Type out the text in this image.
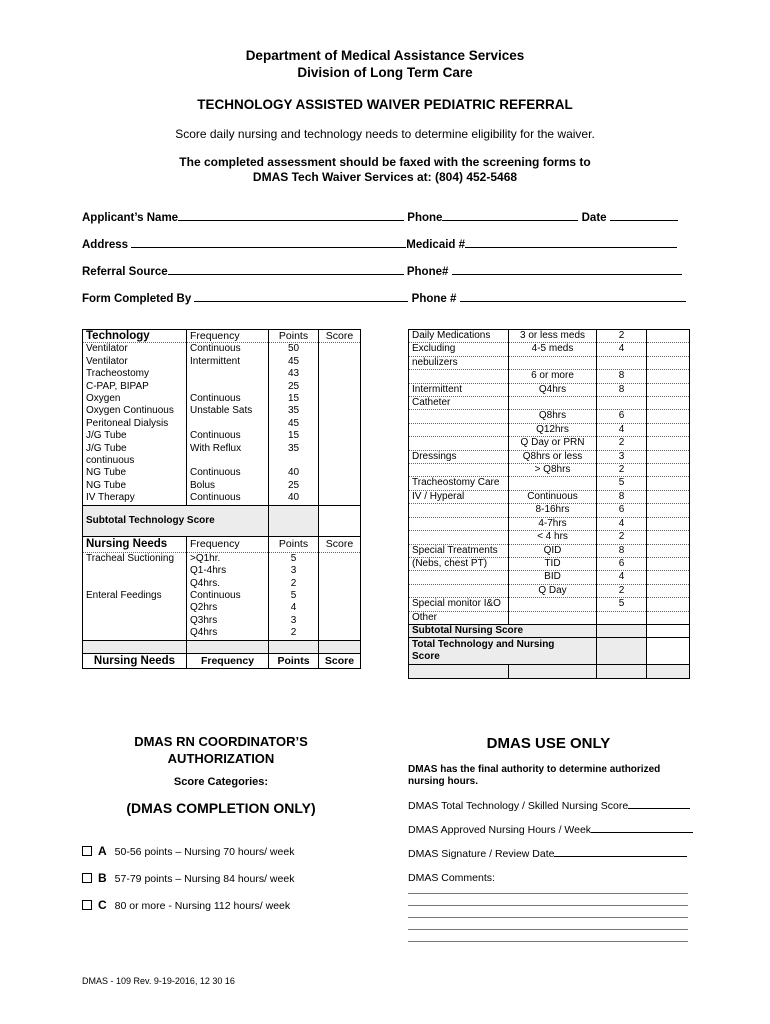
Department of Medical Assistance Services
Division of Long Term Care
TECHNOLOGY ASSISTED WAIVER PEDIATRIC REFERRAL
Score daily nursing and technology needs to determine eligibility for the waiver.
The completed assessment should be faxed with the screening forms to
DMAS Tech Waiver Services at: (804) 452-5468
Applicant’s Name	Phone	Date
Address	Medicaid #
Referral Source	Phone#
Form Completed By	Phone #
Technology	Frequency	Points	Score
Ventilator	Continuous	50	
Ventilator	Intermittent	45	
Tracheostomy		43	
C-PAP, BIPAP		25	
Oxygen	Continuous	15	
Oxygen Continuous	Unstable Sats	35	
Peritoneal Dialysis		45	
J/G Tube	Continuous	15	
J/G Tube	With Reflux	35	
continuous			
NG Tube	Continuous	40	
NG Tube	Bolus	25	
IV Therapy	Continuous	40	
Subtotal Technology Score			
Nursing Needs	Frequency	Points	Score
Tracheal Suctioning	>Q1hr.	5	
	Q1-4hrs	3	
	Q4hrs.	2	
Enteral Feedings	Continuous	5	
	Q2hrs	4	
	Q3hrs	3	
	Q4hrs	2	

Nursing Needs	Frequency	Points	Score
Daily Medications	3 or less meds	2	
Excluding	4-5 meds	4	
nebulizers			
	6 or more	8	
Intermittent	Q4hrs	8	
Catheter			
	Q8hrs	6	
	Q12hrs	4	
	Q Day or PRN	2	
Dressings	Q8hrs or less	3	
	> Q8hrs	2	
Tracheostomy Care		5	
IV / Hyperal	Continuous	8	
	8-16hrs	6	
	4-7hrs	4	
	< 4 hrs	2	
Special Treatments	QID	8	
(Nebs, chest PT)	TID	6	
	BID	4	
	Q Day	2	
Special monitor I&O		5	
Other			
Subtotal Nursing Score			

Total Technology and Nursing
Score			

DMAS RN COORDINATOR’S
AUTHORIZATION
Score Categories:
(DMAS COMPLETION ONLY)
A 50-56 points – Nursing 70 hours/ week
B 57-79 points – Nursing 84 hours/ week
C 80 or more - Nursing 112 hours/ week
DMAS USE ONLY
DMAS has the final authority to determine authorized nursing hours.
DMAS Total Technology / Skilled Nursing Score
DMAS Approved Nursing Hours / Week
DMAS Signature / Review Date
DMAS Comments:
DMAS - 109 Rev. 9-19-2016, 12 30 16
